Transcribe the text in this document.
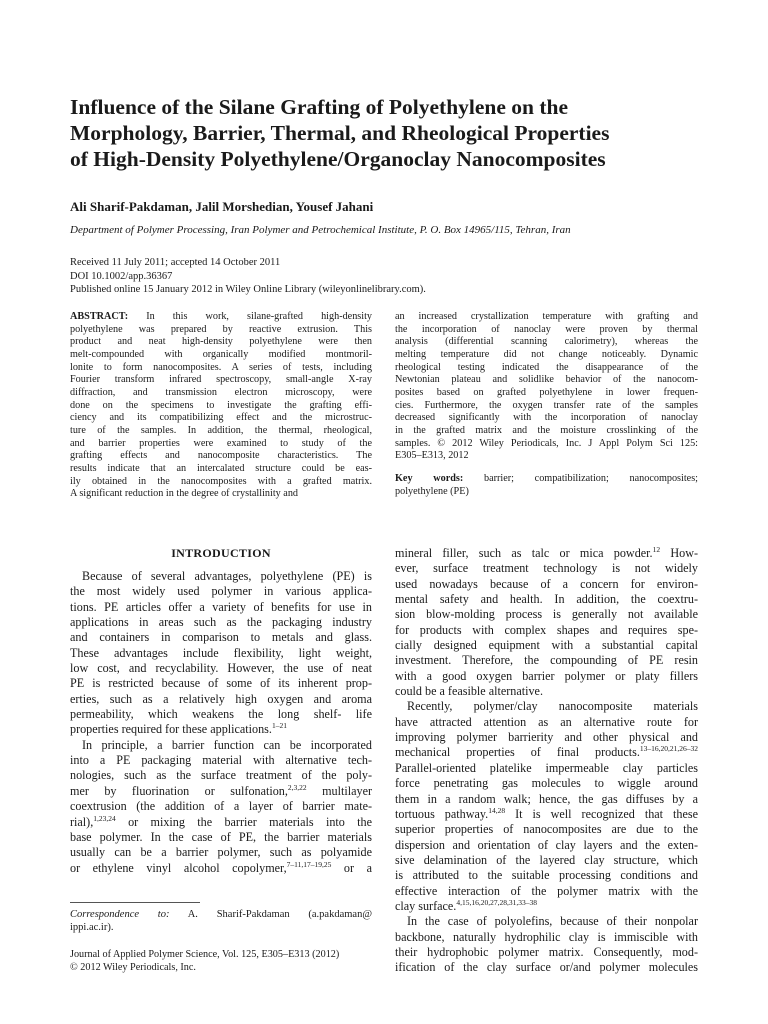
Influence of the Silane Grafting of Polyethylene on the
Morphology, Barrier, Thermal, and Rheological Properties
of High-Density Polyethylene/Organoclay Nanocomposites

Ali Sharif-Pakdaman, Jalil Morshedian, Yousef Jahani

Department of Polymer Processing, Iran Polymer and Petrochemical Institute, P. O. Box 14965/115, Tehran, Iran

Received 11 July 2011; accepted 14 October 2011
DOI 10.1002/app.36367
Published online 15 January 2012 in Wiley Online Library (wileyonlinelibrary.com).
ABSTRACT: In this work, silane-grafted high-density
polyethylene was prepared by reactive extrusion. This
product and neat high-density polyethylene were then
melt-compounded with organically modified montmoril-
lonite to form nanocomposites. A series of tests, including
Fourier transform infrared spectroscopy, small-angle X-ray
diffraction, and transmission electron microscopy, were
done on the specimens to investigate the grafting effi-
ciency and its compatibilizing effect and the microstruc-
ture of the samples. In addition, the thermal, rheological,
and barrier properties were examined to study of the
grafting effects and nanocomposite characteristics. The
results indicate that an intercalated structure could be eas-
ily obtained in the nanocomposites with a grafted matrix.
A significant reduction in the degree of crystallinity and
an increased crystallization temperature with grafting and
the incorporation of nanoclay were proven by thermal
analysis (differential scanning calorimetry), whereas the
melting temperature did not change noticeably. Dynamic
rheological testing indicated the disappearance of the
Newtonian plateau and solidlike behavior of the nanocom-
posites based on grafted polyethylene in lower frequen-
cies. Furthermore, the oxygen transfer rate of the samples
decreased significantly with the incorporation of nanoclay
in the grafted matrix and the moisture crosslinking of the
samples. © 2012 Wiley Periodicals, Inc. J Appl Polym Sci 125:
E305–E313, 2012
Key words: barrier; compatibilization; nanocomposites;
polyethylene (PE)
INTRODUCTION
Because of several advantages, polyethylene (PE) is
the most widely used polymer in various applica-
tions. PE articles offer a variety of benefits for use in
applications in areas such as the packaging industry
and containers in comparison to metals and glass.
These advantages include flexibility, light weight,
low cost, and recyclability. However, the use of neat
PE is restricted because of some of its inherent prop-
erties, such as a relatively high oxygen and aroma
permeability, which weakens the long shelf- life
properties required for these applications.$^{1-21}$
In principle, a barrier function can be incorporated
into a PE packaging material with alternative tech-
nologies, such as the surface treatment of the poly-
mer by fluorination or sulfonation,$^{2,3,22}$ multilayer
coextrusion (the addition of a layer of barrier mate-
rial),$^{1,23,24}$ or mixing the barrier materials into the
base polymer. In the case of PE, the barrier materials
usually can be a barrier polymer, such as polyamide
or ethylene vinyl alcohol copolymer,$^{7-11,17-19,25}$ or a
mineral filler, such as talc or mica powder.$^{12}$ How-
ever, surface treatment technology is not widely
used nowadays because of a concern for environ-
mental safety and health. In addition, the coextru-
sion blow-molding process is generally not available
for products with complex shapes and requires spe-
cially designed equipment with a substantial capital
investment. Therefore, the compounding of PE resin
with a good oxygen barrier polymer or platy fillers
could be a feasible alternative.
Recently, polymer/clay nanocomposite materials
have attracted attention as an alternative route for
improving polymer barrierity and other physical and
mechanical properties of final products.$^{13-16,20,21,26-32}$
Parallel-oriented platelike impermeable clay particles
force penetrating gas molecules to wiggle around
them in a random walk; hence, the gas diffuses by a
tortuous pathway.$^{14,28}$ It is well recognized that these
superior properties of nanocomposites are due to the
dispersion and orientation of clay layers and the exten-
sive delamination of the layered clay structure, which
is attributed to the suitable processing conditions and
effective interaction of the polymer matrix with the
clay surface.$^{4,15,16,20,27,28,31,33-38}$
In the case of polyolefins, because of their nonpolar
backbone, naturally hydrophilic clay is immiscible with
their hydrophobic polymer matrix. Consequently, mod-
ification of the clay surface or/and polymer molecules
Correspondence to: A. Sharif-Pakdaman (a.pakdaman@
ippi.ac.ir).
Journal of Applied Polymer Science, Vol. 125, E305–E313 (2012)
© 2012 Wiley Periodicals, Inc.
